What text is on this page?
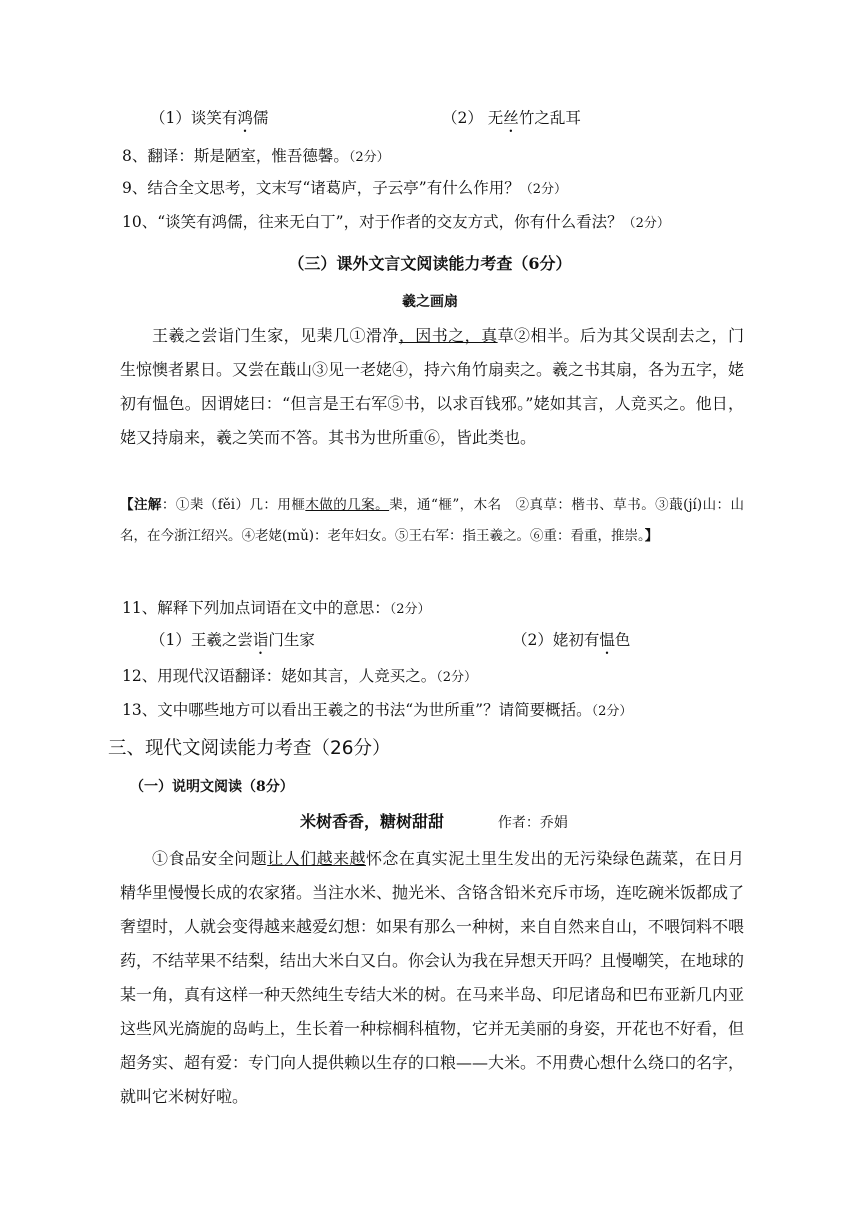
（1）谈笑有鸿儒	（2） 无丝竹之乱耳
8、翻译：斯是陋室，惟吾德馨。（2分）
9、结合全文思考，文末写“诸葛庐，子云亭”有什么作用？（2分）
10、“谈笑有鸿儒，往来无白丁”，对于作者的交友方式，你有什么看法？（2分）
（三）课外文言文阅读能力考查（6分）
羲之画扇

王羲之尝诣门生家，见棐几①滑净，因书之，真草②相半。后为其父误刮去之，门生惊懊者累日。又尝在蕺山③见一老姥④，持六角竹扇卖之。羲之书其扇，各为五字，姥初有愠色。因谓姥曰：“但言是王右军⑤书，以求百钱邪。”姥如其言，人竞买之。他日，姥又持扇来，羲之笑而不答。其书为世所重⑥，皆此类也。

【注解：①棐（fěi）几：用榧木做的几案。棐，通“榧”，木名　②真草：楷书、草书。③蕺(jí)山：山名，在今浙江绍兴。④老姥(mǔ)：老年妇女。⑤王右军：指王羲之。⑥重：看重，推崇。】
11、解释下列加点词语在文中的意思：（2分）
（1）王羲之尝诣门生家	（2）姥初有愠色
12、用现代汉语翻译：姥如其言，人竞买之。（2分）
13、文中哪些地方可以看出王羲之的书法“为世所重”？请简要概括。（2分）
三、现代文阅读能力考查（26分）
（一）说明文阅读（8分）
米树香香，糖树甜甜	作者：乔娟

①食品安全问题让人们越来越怀念在真实泥土里生发出的无污染绿色蔬菜，在日月精华里慢慢长成的农家猪。当注水米、抛光米、含铬含铅米充斥市场，连吃碗米饭都成了奢望时，人就会变得越来越爱幻想：如果有那么一种树，来自自然来自山，不喂饲料不喂药，不结苹果不结梨，结出大米白又白。你会认为我在异想天开吗？且慢嘲笑，在地球的某一角，真有这样一种天然纯生专结大米的树。在马来半岛、印尼诸岛和巴布亚新几内亚这些风光旖旎的岛屿上，生长着一种棕榈科植物，它并无美丽的身姿，开花也不好看，但超务实、超有爱：专门向人提供赖以生存的口粮——大米。不用费心想什么绕口的名字，就叫它米树好啦。
